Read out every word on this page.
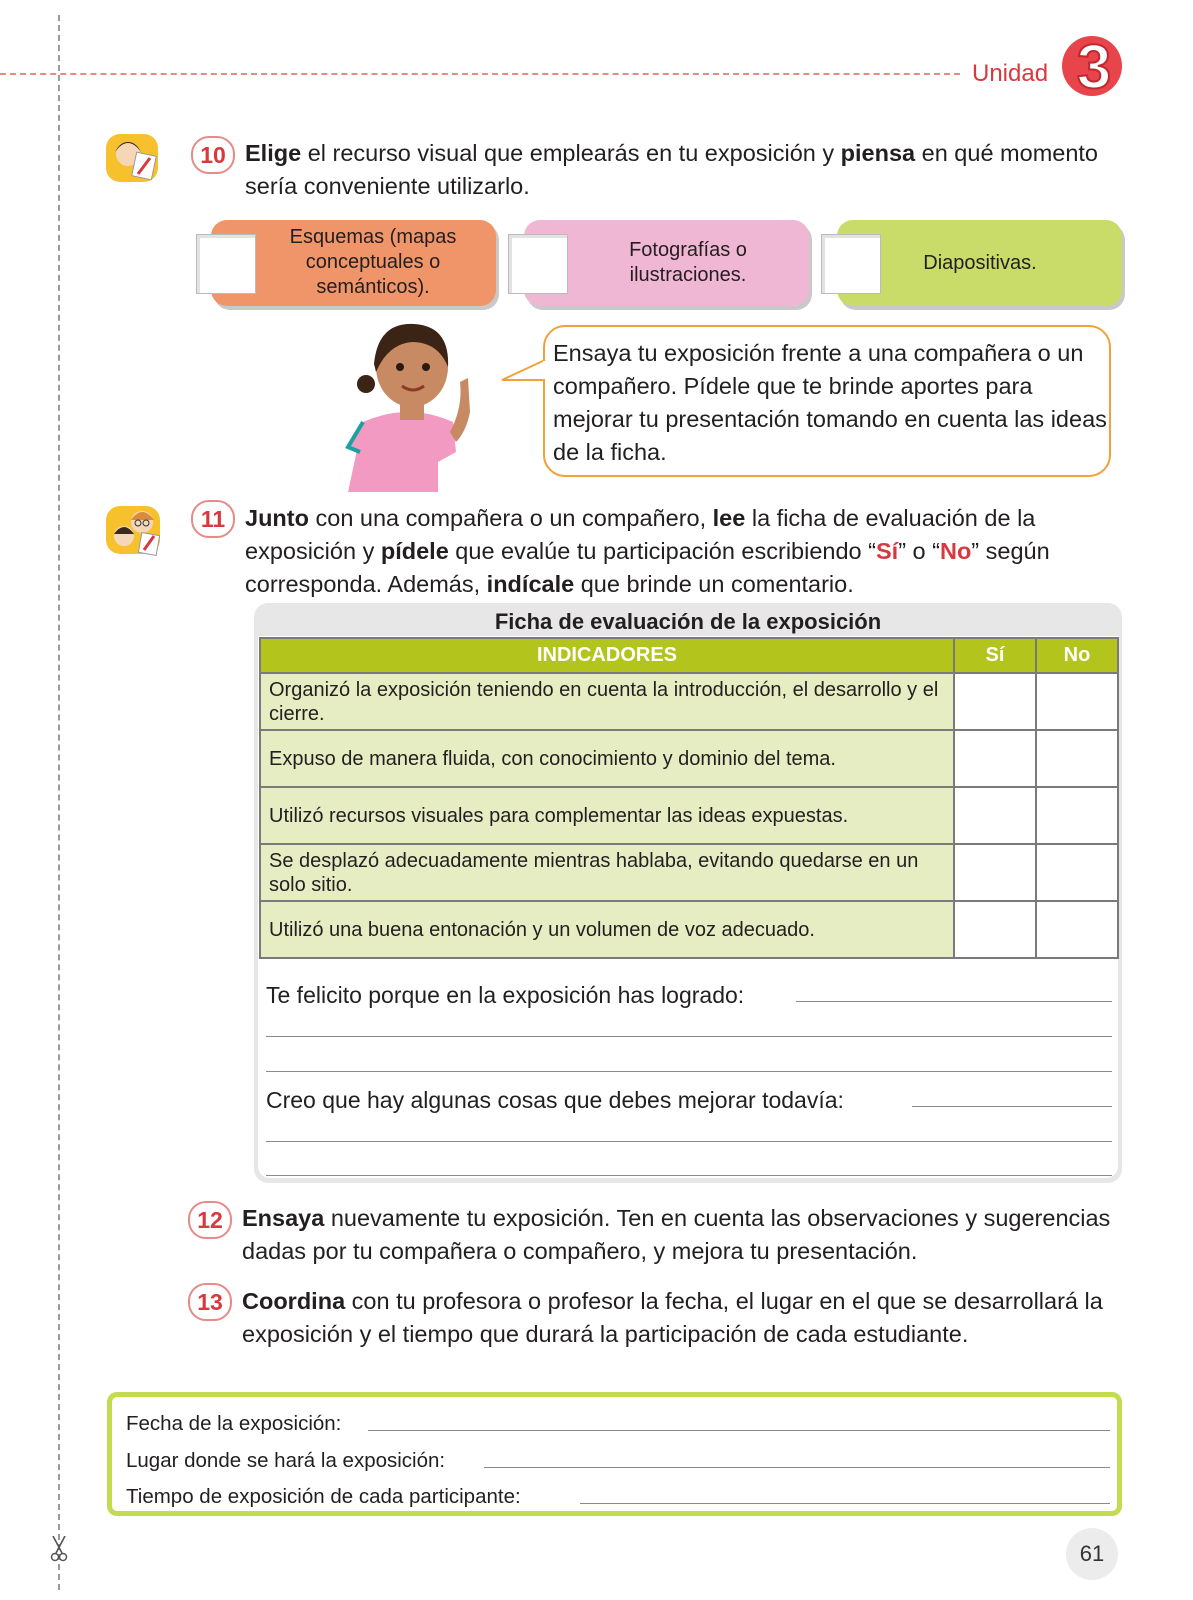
Unidad 3
10 Elige el recurso visual que emplearás en tu exposición y piensa en qué momento sería conveniente utilizarlo.
Esquemas (mapas conceptuales o semánticos).
Fotografías o ilustraciones.
Diapositivas.
Ensaya tu exposición frente a una compañera o un compañero. Pídele que te brinde aportes para mejorar tu presentación tomando en cuenta las ideas de la ficha.
11 Junto con una compañera o un compañero, lee la ficha de evaluación de la exposición y pídele que evalúe tu participación escribiendo “Sí” o “No” según corresponda. Además, indícale que brinde un comentario.
Ficha de evaluación de la exposición
INDICADORES	Sí	No
Organizó la exposición teniendo en cuenta la introducción, el desarrollo y el cierre.		
Expuso de manera fluida, con conocimiento y dominio del tema.		
Utilizó recursos visuales para complementar las ideas expuestas.		
Se desplazó adecuadamente mientras hablaba, evitando quedarse en un solo sitio.		
Utilizó una buena entonación y un volumen de voz adecuado.		
Te felicito porque en la exposición has logrado:
Creo que hay algunas cosas que debes mejorar todavía:
12 Ensaya nuevamente tu exposición. Ten en cuenta las observaciones y sugerencias dadas por tu compañera o compañero, y mejora tu presentación.
13 Coordina con tu profesora o profesor la fecha, el lugar en el que se desarrollará la exposición y el tiempo que durará la participación de cada estudiante.
Fecha de la exposición:
Lugar donde se hará la exposición:
Tiempo de exposición de cada participante:
61
